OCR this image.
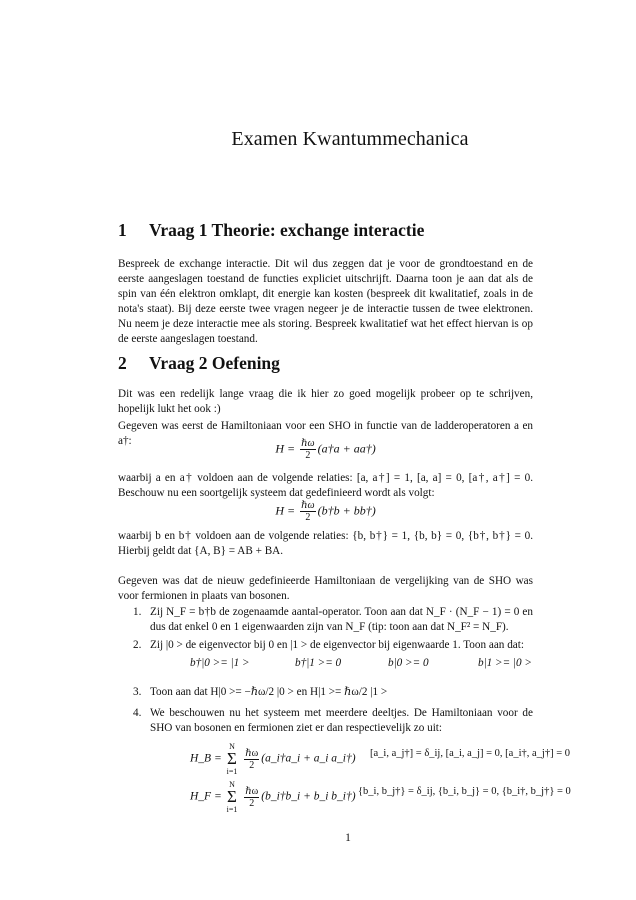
Examen Kwantummechanica
1 Vraag 1 Theorie: exchange interactie
Bespreek de exchange interactie. Dit wil dus zeggen dat je voor de grondtoestand en de eerste aangeslagen toestand de functies expliciet uitschrijft. Daarna toon je aan dat als de spin van één elektron omklapt, dit energie kan kosten (bespreek dit kwalitatief, zoals in de nota's staat). Bij deze eerste twee vragen negeer je de interactie tussen de twee elektronen. Nu neem je deze interactie mee als storing. Bespreek kwalitatief wat het effect hiervan is op de eerste aangeslagen toestand.
2 Vraag 2 Oefening
Dit was een redelijk lange vraag die ik hier zo goed mogelijk probeer op te schrijven, hopelijk lukt het ook :)
Gegeven was eerst de Hamiltoniaan voor een SHO in functie van de ladderoperatoren a en a†:
$H = \frac{\text{ℏω}}{2}$ (a†a + aa†)
waarbij a en a† voldoen aan de volgende relaties: [a, a†] = 1, [a, a] = 0, [a†, a†] = 0. Beschouw nu een soortgelijk systeem dat gedefinieerd wordt als volgt:
$H = \frac{\text{ℏω}}{2}$ (b†b + bb†)
waarbij b en b† voldoen aan de volgende relaties: {b, b†} = 1, {b, b} = 0, {b†, b†} = 0. Hierbij geldt dat {A, B} = AB + BA.
Gegeven was dat de nieuw gedefinieerde Hamiltoniaan de vergelijking van de SHO was voor fermionen in plaats van bosonen.
1. Zij N_F = b†b de zogenaamde aantal-operator. Toon aan dat N_F · (N_F − 1) = 0 en dus dat enkel 0 en 1 eigenwaarden zijn van N_F (tip: toon aan dat N_F² = N_F).
2. Zij |0 > de eigenvector bij 0 en |1 > de eigenvector bij eigenwaarde 1. Toon aan dat:
3. Toon aan dat H|0 >= −ℏω/2 |0 > en H|1 >= ℏω/2 |1 >
4. We beschouwen nu het systeem met meerdere deeltjes. De Hamiltoniaan voor de SHO van bosonen en fermionen ziet er dan respectievelijk zo uit:
b†|0 >= |1 >	b†|1 >= 0	b|0 >= 0	b|1 >= |0 >
H_B = N
Σ
i=1
$\frac{\text{ℏω}}{2}$ (a_i†a_i + a_i a_i†) [a_i, a_j†] = δ_ij, [a_i, a_j] = 0, [a_i†, a_j†] = 0
H_F = N
Σ
i=1
$\frac{\text{ℏω}}{2}$ (b_i†b_i + b_i b_i†) {b_i, b_j†} = δ_ij, {b_i, b_j} = 0, {b_i†, b_j†} = 0
1
